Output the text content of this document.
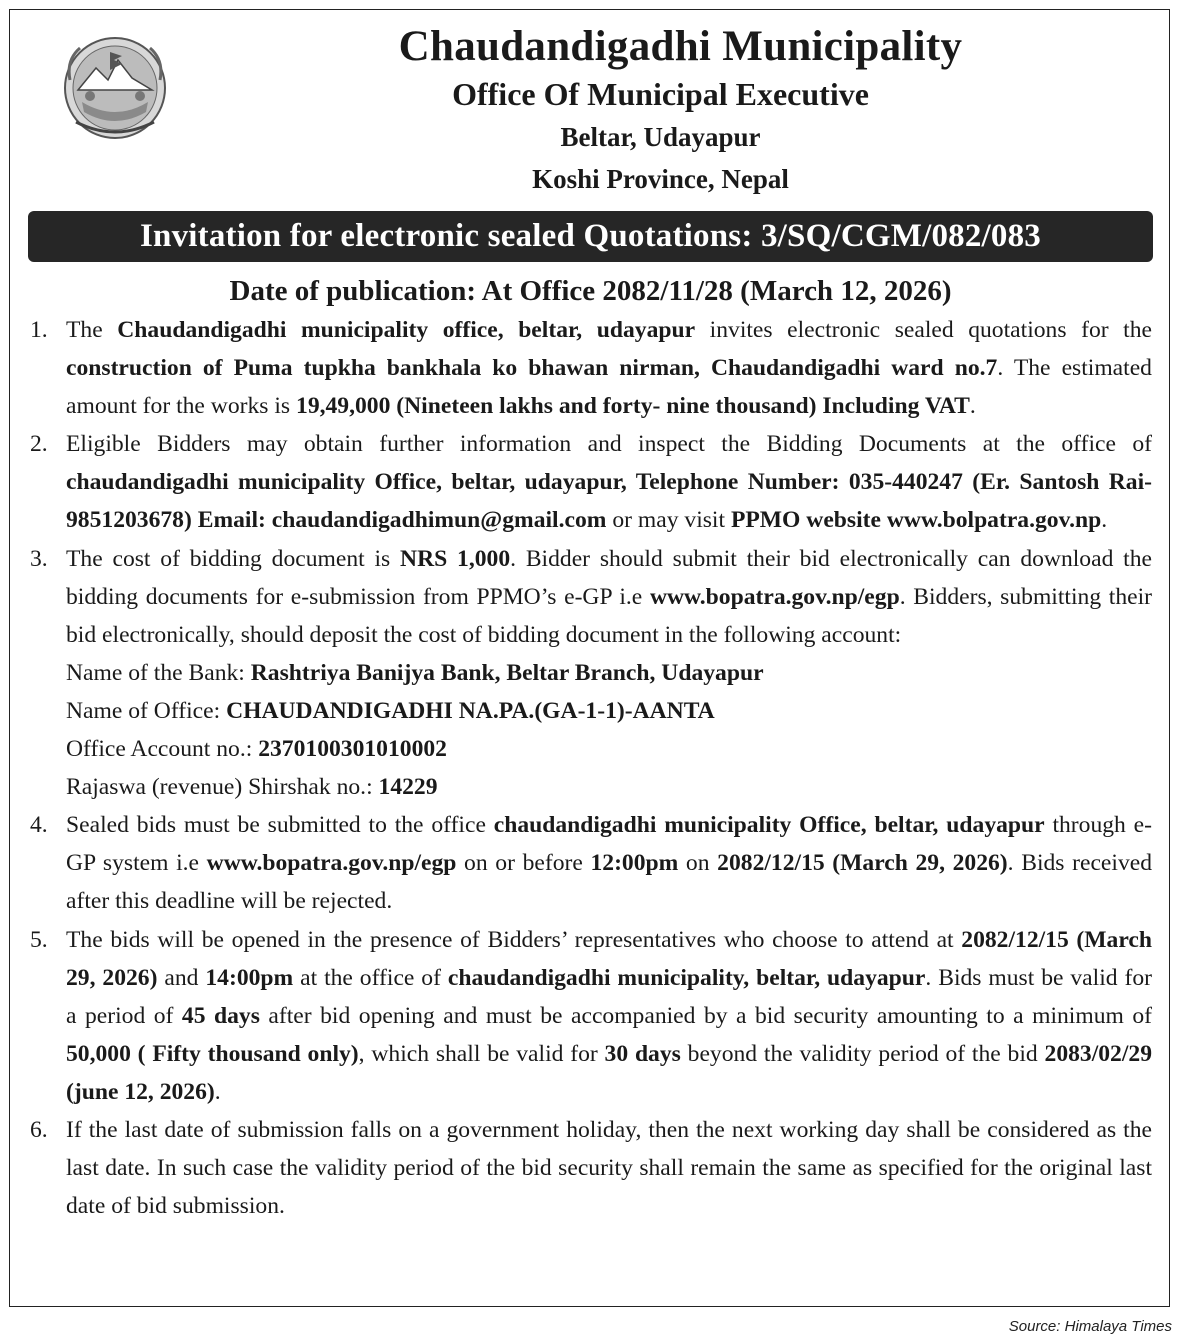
Chaudandigadhi Municipality
Office Of Municipal Executive
Beltar, Udayapur
Koshi Province, Nepal
Invitation for electronic sealed Quotations: 3/SQ/CGM/082/083
Date of publication: At Office 2082/11/28 (March 12, 2026)
1. The Chaudandigadhi municipality office, beltar, udayapur invites electronic sealed quotations for the construction of Puma tupkha bankhala ko bhawan nirman, Chaudandigadhi ward no.7. The estimated amount for the works is 19,49,000 (Nineteen lakhs and forty- nine thousand) Including VAT.
2. Eligible Bidders may obtain further information and inspect the Bidding Documents at the office of chaudandigadhi municipality Office, beltar, udayapur, Telephone Number: 035-440247 (Er. Santosh Rai- 9851203678) Email: chaudandigadhimun@gmail.com or may visit PPMO website www.bolpatra.gov.np.
3. The cost of bidding document is NRS 1,000. Bidder should submit their bid electronically can download the bidding documents for e-submission from PPMO’s e-GP i.e www.bopatra.gov.np/egp. Bidders, submitting their bid electronically, should deposit the cost of bidding document in the following account:
Name of the Bank: Rashtriya Banijya Bank, Beltar Branch, Udayapur
Name of Office: CHAUDANDIGADHI NA.PA.(GA-1-1)-AANTA
Office Account no.: 2370100301010002
Rajaswa (revenue) Shirshak no.: 14229
4. Sealed bids must be submitted to the office chaudandigadhi municipality Office, beltar, udayapur through e-GP system i.e www.bopatra.gov.np/egp on or before 12:00pm on 2082/12/15 (March 29, 2026). Bids received after this deadline will be rejected.
5. The bids will be opened in the presence of Bidders’ representatives who choose to attend at 2082/12/15 (March 29, 2026) and 14:00pm at the office of chaudandigadhi municipality, beltar, udayapur. Bids must be valid for a period of 45 days after bid opening and must be accompanied by a bid security amounting to a minimum of 50,000 ( Fifty thousand only), which shall be valid for 30 days beyond the validity period of the bid 2083/02/29 (june 12, 2026).
6. If the last date of submission falls on a government holiday, then the next working day shall be considered as the last date. In such case the validity period of the bid security shall remain the same as specified for the original last date of bid submission.
Source: Himalaya Times
